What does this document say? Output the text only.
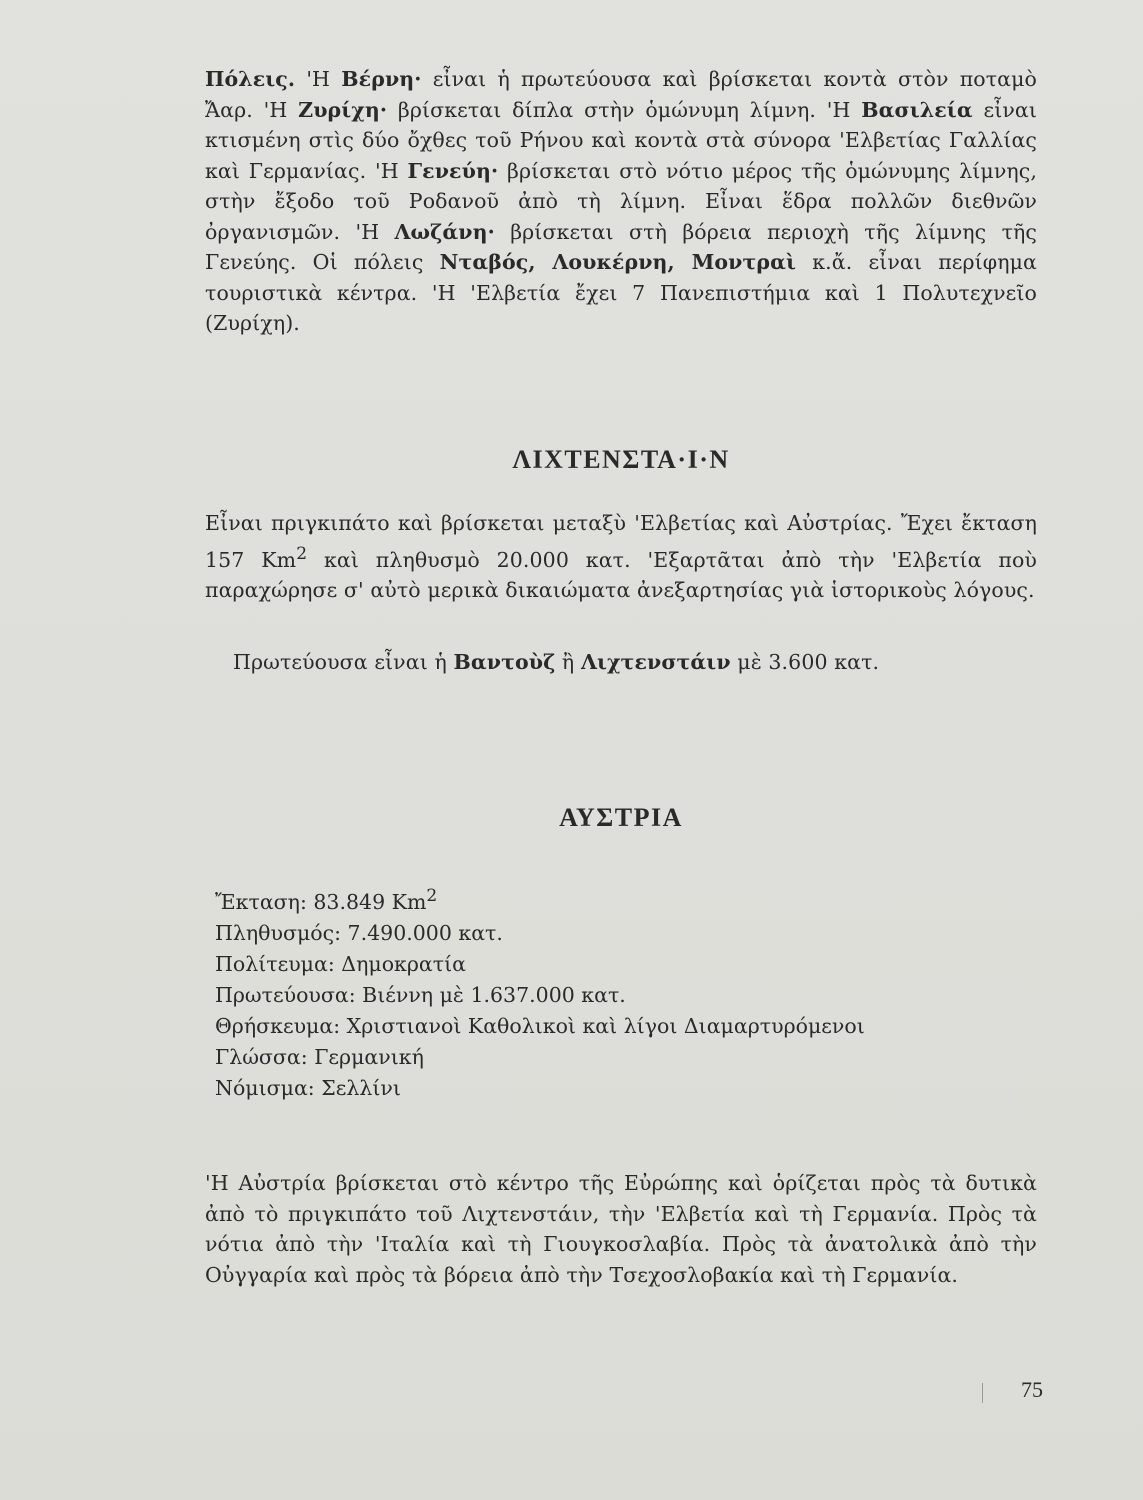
Πόλεις. 'Η Βέρνη· εἶναι ἡ πρωτεύουσα καὶ βρίσκεται κοντὰ στὸν ποταμὸ Ἄαρ. 'Η Ζυρίχη· βρίσκεται δίπλα στὴν ὁμώνυμη λίμνη. 'Η Βασιλεία εἶναι κτισμένη στὶς δύο ὄχθες τοῦ Ρήνου καὶ κοντὰ στὰ σύνορα 'Ελβετίας Γαλλίας καὶ Γερμανίας. 'Η Γενεύη· βρίσκεται στὸ νότιο μέρος τῆς ὁμώνυμης λίμνης, στὴν ἔξοδο τοῦ Ροδανοῦ ἀπὸ τὴ λίμνη. Εἶναι ἕδρα πολλῶν διεθνῶν ὀργανισμῶν. 'Η Λωζάνη· βρίσκεται στὴ βόρεια περιοχὴ τῆς λίμνης τῆς Γενεύης. Οἱ πόλεις Νταβός, Λουκέρνη, Μοντραὶ κ.ἄ. εἶναι περίφημα τουριστικὰ κέντρα. 'Η 'Ελβετία ἔχει 7 Πανεπιστήμια καὶ 1 Πολυτεχνεῖο (Ζυρίχη).

ΛΙΧΤΕΝΣΤΑ·Ι·Ν

Εἶναι πριγκιπάτο καὶ βρίσκεται μεταξὺ 'Ελβετίας καὶ Αὐστρίας. Ἔχει ἔκταση 157 Km$^2$ καὶ πληθυσμὸ 20.000 κατ. 'Εξαρτᾶται ἀπὸ τὴν 'Ελβετία ποὺ παραχώρησε σ' αὐτὸ μερικὰ δικαιώματα ἀνεξαρτησίας γιὰ ἱστορικοὺς λόγους.

Πρωτεύουσα εἶναι ἡ Βαντοὺζ ἢ Λιχτενστάιν μὲ 3.600 κατ.

ΑΥΣΤΡΙΑ
Ἔκταση: 83.849 Km$^2$
Πληθυσμός: 7.490.000 κατ.
Πολίτευμα: Δημοκρατία
Πρωτεύουσα: Βιέννη μὲ 1.637.000 κατ.
Θρήσκευμα: Χριστιανοὶ Καθολικοὶ καὶ λίγοι Διαμαρτυρόμενοι
Γλώσσα: Γερμανική
Νόμισμα: Σελλίνι

'Η Αὐστρία βρίσκεται στὸ κέντρο τῆς Εὐρώπης καὶ ὁρίζεται πρὸς τὰ δυτικὰ ἀπὸ τὸ πριγκιπάτο τοῦ Λιχτενστάιν, τὴν 'Ελβετία καὶ τὴ Γερμανία. Πρὸς τὰ νότια ἀπὸ τὴν 'Ιταλία καὶ τὴ Γιουγκοσλαβία. Πρὸς τὰ ἀνατολικὰ ἀπὸ τὴν Οὐγγαρία καὶ πρὸς τὰ βόρεια ἀπὸ τὴν Τσεχοσλοβακία καὶ τὴ Γερμανία.

75
